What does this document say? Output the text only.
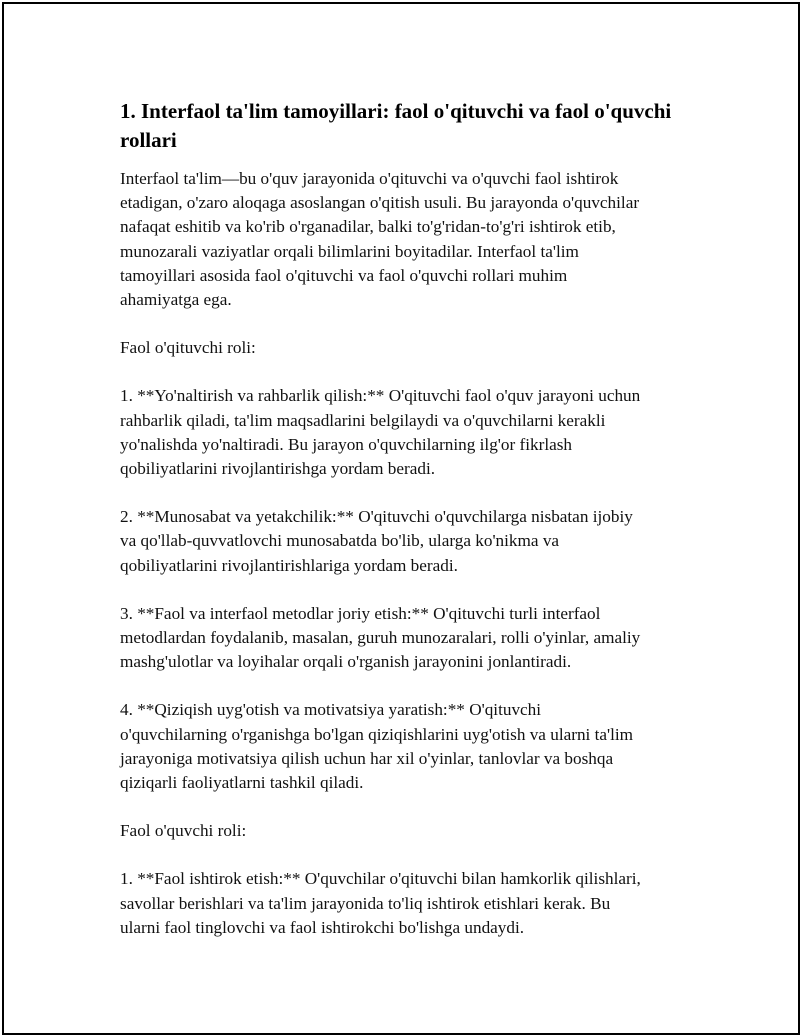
1. Interfaol ta'lim tamoyillari: faol o'qituvchi va faol o'quvchi rollari

Interfaol ta'lim—bu o'quv jarayonida o'qituvchi va o'quvchi faol ishtirok
etadigan, o'zaro aloqaga asoslangan o'qitish usuli. Bu jarayonda o'quvchilar
nafaqat eshitib va ko'rib o'rganadilar, balki to'g'ridan-to'g'ri ishtirok etib,
munozarali vaziyatlar orqali bilimlarini boyitadilar. Interfaol ta'lim
tamoyillari asosida faol o'qituvchi va faol o'quvchi rollari muhim
ahamiyatga ega.

Faol o'qituvchi roli:

1. **Yo'naltirish va rahbarlik qilish:** O'qituvchi faol o'quv jarayoni uchun
rahbarlik qiladi, ta'lim maqsadlarini belgilaydi va o'quvchilarni kerakli
yo'nalishda yo'naltiradi. Bu jarayon o'quvchilarning ilg'or fikrlash
qobiliyatlarini rivojlantirishga yordam beradi.

2. **Munosabat va yetakchilik:** O'qituvchi o'quvchilarga nisbatan ijobiy
va qo'llab-quvvatlovchi munosabatda bo'lib, ularga ko'nikma va
qobiliyatlarini rivojlantirishlariga yordam beradi.

3. **Faol va interfaol metodlar joriy etish:** O'qituvchi turli interfaol
metodlardan foydalanib, masalan, guruh munozaralari, rolli o'yinlar, amaliy
mashg'ulotlar va loyihalar orqali o'rganish jarayonini jonlantiradi.

4. **Qiziqish uyg'otish va motivatsiya yaratish:** O'qituvchi
o'quvchilarning o'rganishga bo'lgan qiziqishlarini uyg'otish va ularni ta'lim
jarayoniga motivatsiya qilish uchun har xil o'yinlar, tanlovlar va boshqa
qiziqarli faoliyatlarni tashkil qiladi.

Faol o'quvchi roli:

1. **Faol ishtirok etish:** O'quvchilar o'qituvchi bilan hamkorlik qilishlari,
savollar berishlari va ta'lim jarayonida to'liq ishtirok etishlari kerak. Bu
ularni faol tinglovchi va faol ishtirokchi bo'lishga undaydi.
